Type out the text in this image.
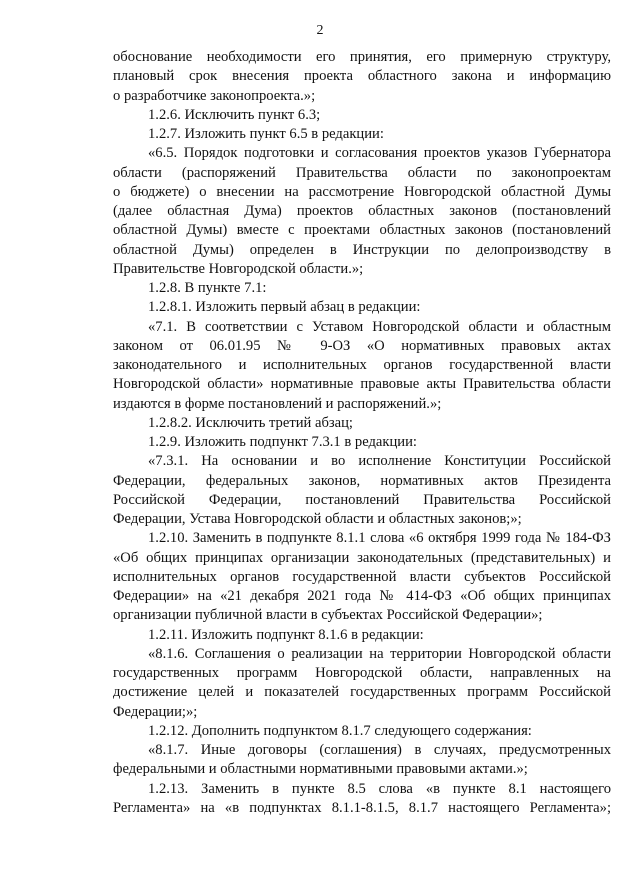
2
обоснование необходимости его принятия, его примерную структуру,
плановый срок внесения проекта областного закона и информацию
о разработчике законопроекта.»;
1.2.6. Исключить пункт 6.3;
1.2.7. Изложить пункт 6.5 в редакции:
«6.5. Порядок подготовки и согласования проектов указов Губернатора
области (распоряжений Правительства области по законопроектам
о бюджете) о внесении на рассмотрение Новгородской областной Думы
(далее областная Дума) проектов областных законов (постановлений
областной Думы) вместе с проектами областных законов (постановлений
областной Думы) определен в Инструкции по делопроизводству в
Правительстве Новгородской области.»;
1.2.8. В пункте 7.1:
1.2.8.1. Изложить первый абзац в редакции:
«7.1. В соответствии с Уставом Новгородской области и областным
законом от 06.01.95 № 9-ОЗ «О нормативных правовых актах
законодательного и исполнительных органов государственной власти
Новгородской области» нормативные правовые акты Правительства области
издаются в форме постановлений и распоряжений.»;
1.2.8.2. Исключить третий абзац;
1.2.9. Изложить подпункт 7.3.1 в редакции:
«7.3.1. На основании и во исполнение Конституции Российской
Федерации, федеральных законов, нормативных актов Президента
Российской Федерации, постановлений Правительства Российской
Федерации, Устава Новгородской области и областных законов;»;
1.2.10. Заменить в подпункте 8.1.1 слова «6 октября 1999 года № 184-ФЗ
«Об общих принципах организации законодательных (представительных) и
исполнительных органов государственной власти субъектов Российской
Федерации» на «21 декабря 2021 года № 414-ФЗ «Об общих принципах
организации публичной власти в субъектах Российской Федерации»;
1.2.11. Изложить подпункт 8.1.6 в редакции:
«8.1.6. Соглашения о реализации на территории Новгородской области
государственных программ Новгородской области, направленных на
достижение целей и показателей государственных программ Российской
Федерации;»;
1.2.12. Дополнить подпунктом 8.1.7 следующего содержания:
«8.1.7. Иные договоры (соглашения) в случаях, предусмотренных
федеральными и областными нормативными правовыми актами.»;
1.2.13. Заменить в пункте 8.5 слова «в пункте 8.1 настоящего
Регламента» на «в подпунктах 8.1.1-8.1.5, 8.1.7 настоящего Регламента»;
